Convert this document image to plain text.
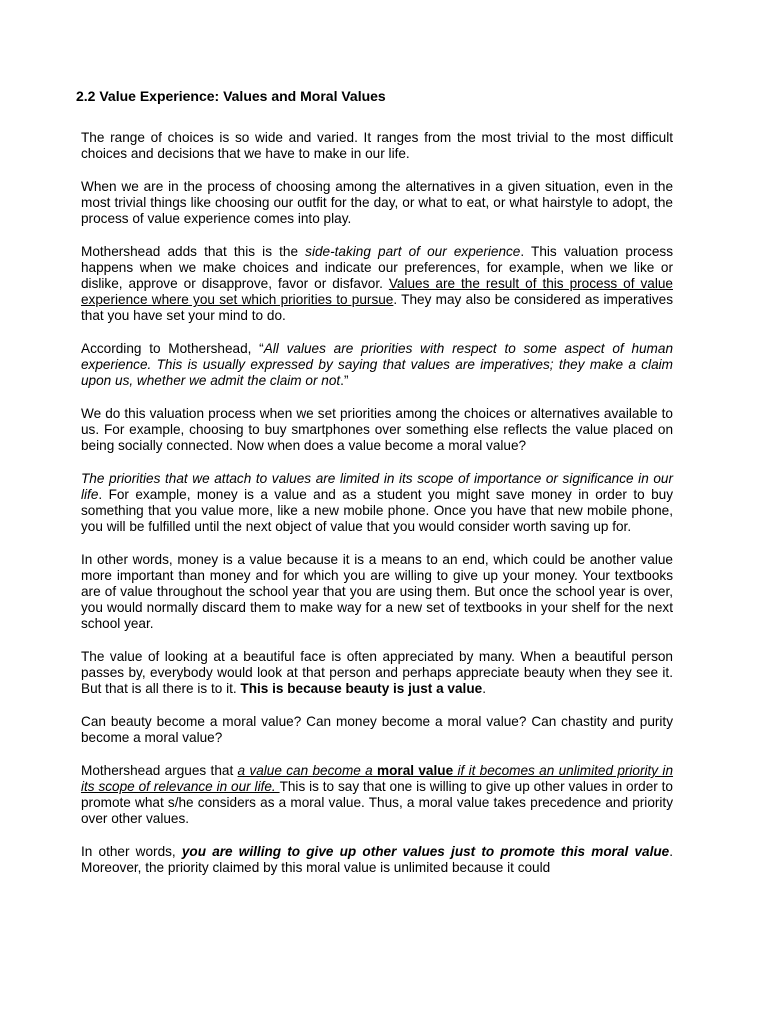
2.2 Value Experience: Values and Moral Values

The range of choices is so wide and varied. It ranges from the most trivial to the most difficult choices and decisions that we have to make in our life.

When we are in the process of choosing among the alternatives in a given situation, even in the most trivial things like choosing our outfit for the day, or what to eat, or what hairstyle to adopt, the process of value experience comes into play.

Mothershead adds that this is the side-taking part of our experience. This valuation process happens when we make choices and indicate our preferences, for example, when we like or dislike, approve or disapprove, favor or disfavor. Values are the result of this process of value experience where you set which priorities to pursue. They may also be considered as imperatives that you have set your mind to do.

According to Mothershead, “All values are priorities with respect to some aspect of human experience. This is usually expressed by saying that values are imperatives; they make a claim upon us, whether we admit the claim or not.”

We do this valuation process when we set priorities among the choices or alternatives available to us. For example, choosing to buy smartphones over something else reflects the value placed on being socially connected. Now when does a value become a moral value?

The priorities that we attach to values are limited in its scope of importance or significance in our life. For example, money is a value and as a student you might save money in order to buy something that you value more, like a new mobile phone. Once you have that new mobile phone, you will be fulfilled until the next object of value that you would consider worth saving up for.

In other words, money is a value because it is a means to an end, which could be another value more important than money and for which you are willing to give up your money. Your textbooks are of value throughout the school year that you are using them. But once the school year is over, you would normally discard them to make way for a new set of textbooks in your shelf for the next school year.

The value of looking at a beautiful face is often appreciated by many. When a beautiful person passes by, everybody would look at that person and perhaps appreciate beauty when they see it. But that is all there is to it. This is because beauty is just a value.

Can beauty become a moral value? Can money become a moral value? Can chastity and purity become a moral value?

Mothershead argues that a value can become a moral value if it becomes an unlimited priority in its scope of relevance in our life. This is to say that one is willing to give up other values in order to promote what s/he considers as a moral value. Thus, a moral value takes precedence and priority over other values.

In other words, you are willing to give up other values just to promote this moral value. Moreover, the priority claimed by this moral value is unlimited because it could
